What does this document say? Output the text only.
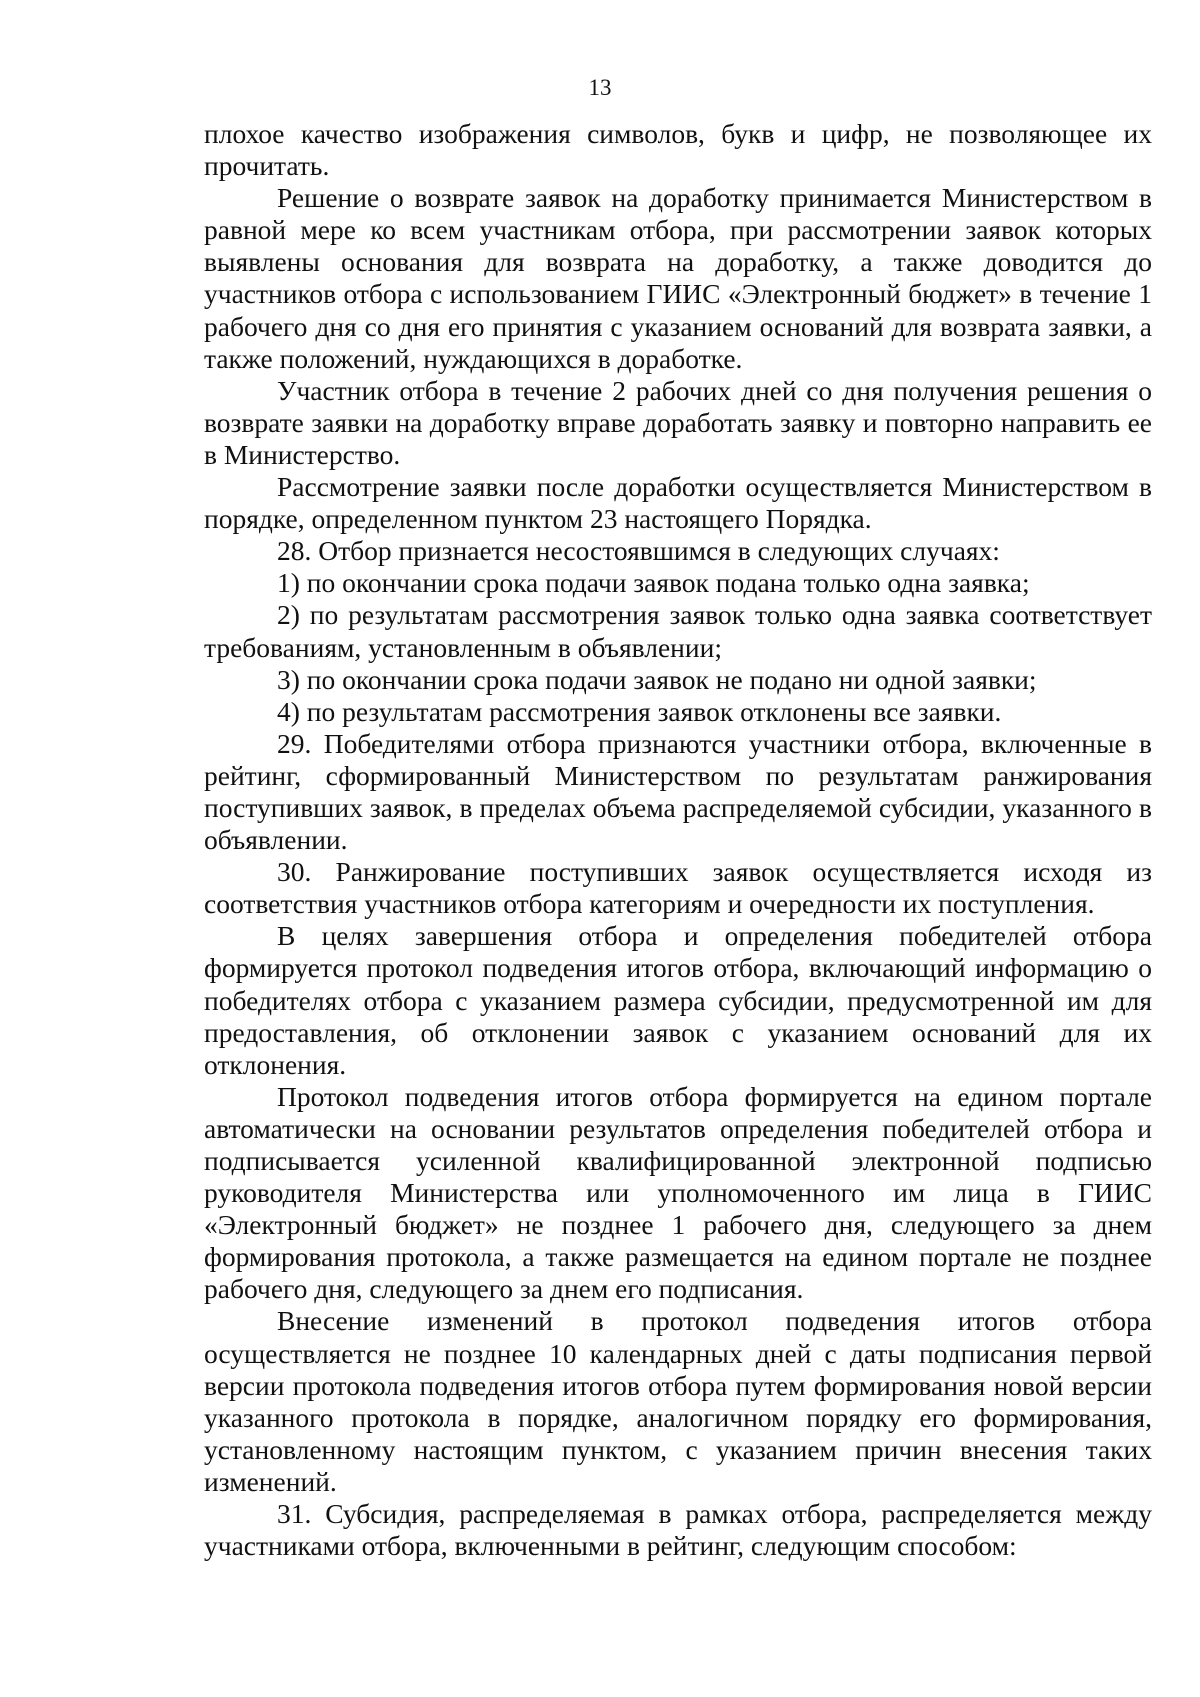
13

плохое качество изображения символов, букв и цифр, не позволяющее их прочитать.

Решение о возврате заявок на доработку принимается Министерством в равной мере ко всем участникам отбора, при рассмотрении заявок которых выявлены основания для возврата на доработку, а также доводится до участников отбора с использованием ГИИС «Электронный бюджет» в течение 1 рабочего дня со дня его принятия с указанием оснований для возврата заявки, а также положений, нуждающихся в доработке.

Участник отбора в течение 2 рабочих дней со дня получения решения о возврате заявки на доработку вправе доработать заявку и повторно направить ее в Министерство.

Рассмотрение заявки после доработки осуществляется Министерством в порядке, определенном пунктом 23 настоящего Порядка.

28. Отбор признается несостоявшимся в следующих случаях:

1) по окончании срока подачи заявок подана только одна заявка;

2) по результатам рассмотрения заявок только одна заявка соответствует требованиям, установленным в объявлении;

3) по окончании срока подачи заявок не подано ни одной заявки;

4) по результатам рассмотрения заявок отклонены все заявки.

29. Победителями отбора признаются участники отбора, включенные в рейтинг, сформированный Министерством по результатам ранжирования поступивших заявок, в пределах объема распределяемой субсидии, указанного в объявлении.

30. Ранжирование поступивших заявок осуществляется исходя из соответствия участников отбора категориям и очередности их поступления.

В целях завершения отбора и определения победителей отбора формируется протокол подведения итогов отбора, включающий информацию о победителях отбора с указанием размера субсидии, предусмотренной им для предоставления, об отклонении заявок с указанием оснований для их отклонения.

Протокол подведения итогов отбора формируется на едином портале автоматически на основании результатов определения победителей отбора и подписывается усиленной квалифицированной электронной подписью руководителя Министерства или уполномоченного им лица в ГИИС «Электронный бюджет» не позднее 1 рабочего дня, следующего за днем формирования протокола, а также размещается на едином портале не позднее рабочего дня, следующего за днем его подписания.

Внесение изменений в протокол подведения итогов отбора осуществляется не позднее 10 календарных дней с даты подписания первой версии протокола подведения итогов отбора путем формирования новой версии указанного протокола в порядке, аналогичном порядку его формирования, установленному настоящим пунктом, с указанием причин внесения таких изменений.

31. Субсидия, распределяемая в рамках отбора, распределяется между участниками отбора, включенными в рейтинг, следующим способом:
